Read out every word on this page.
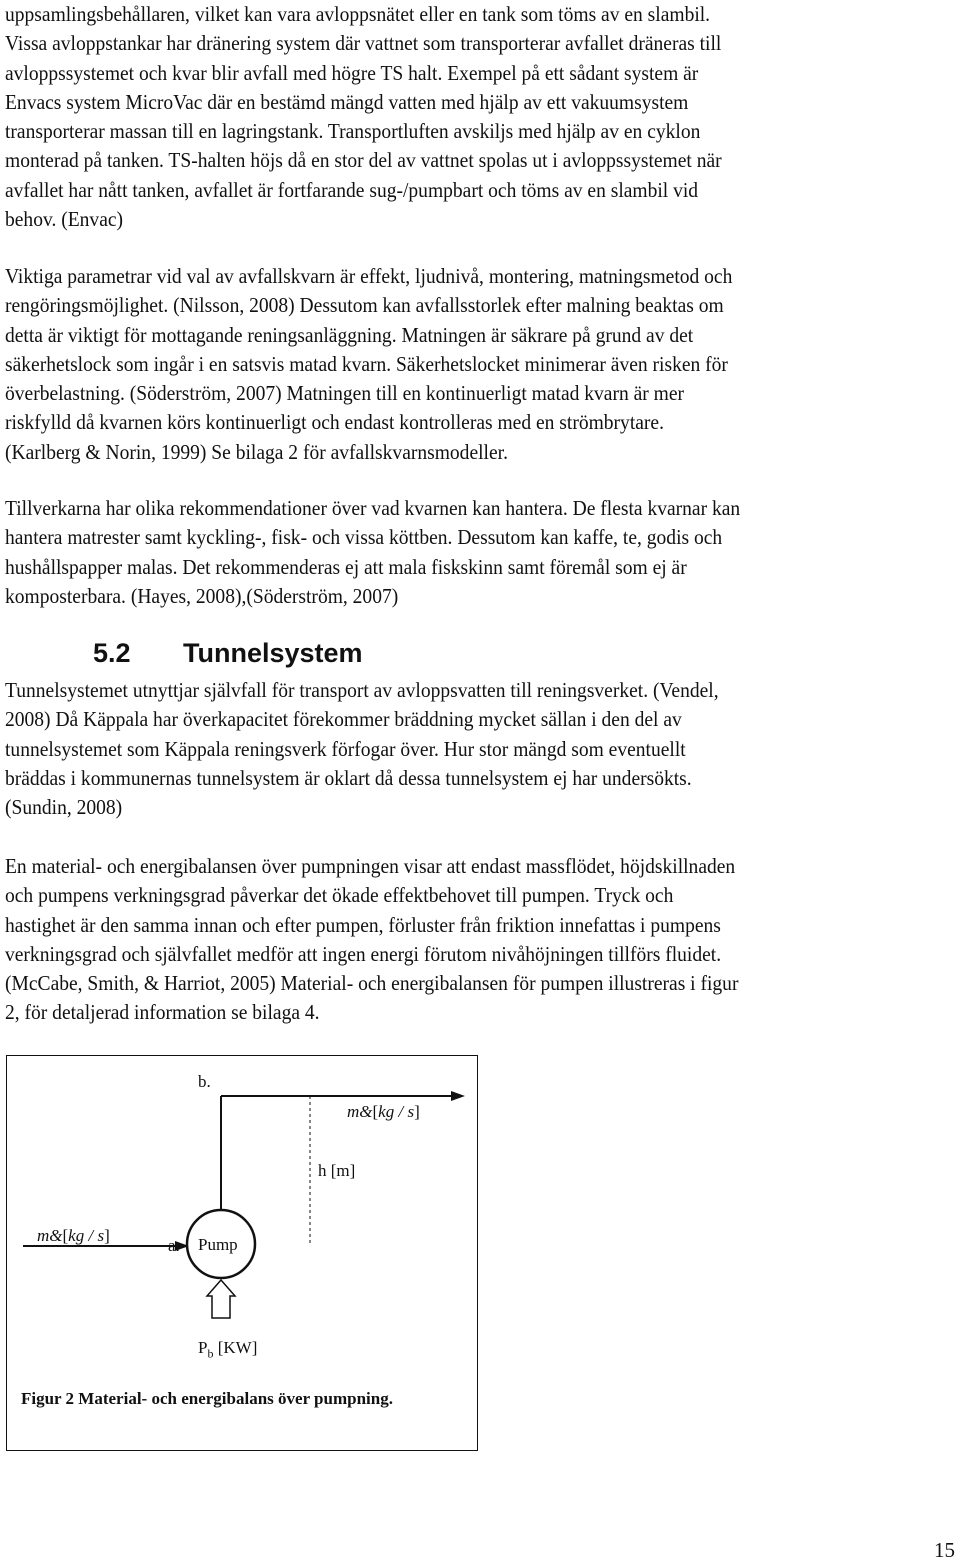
uppsamlingsbehållaren, vilket kan vara avloppsnätet eller en tank som töms av en slambil.
Vissa avloppstankar har dränering system där vattnet som transporterar avfallet dräneras till
avloppssystemet och kvar blir avfall med högre TS halt. Exempel på ett sådant system är
Envacs system MicroVac där en bestämd mängd vatten med hjälp av ett vakuumsystem
transporterar massan till en lagringstank. Transportluften avskiljs med hjälp av en cyklon
monterad på tanken. TS-halten höjs då en stor del av vattnet spolas ut i avloppssystemet när
avfallet har nått tanken, avfallet är fortfarande sug-/pumpbart och töms av en slambil vid
behov. (Envac)
Viktiga parametrar vid val av avfallskvarn är effekt, ljudnivå, montering, matningsmetod och
rengöringsmöjlighet. (Nilsson, 2008) Dessutom kan avfallsstorlek efter malning beaktas om
detta är viktigt för mottagande reningsanläggning. Matningen är säkrare på grund av det
säkerhetslock som ingår i en satsvis matad kvarn. Säkerhetslocket minimerar även risken för
överbelastning. (Söderström, 2007) Matningen till en kontinuerligt matad kvarn är mer
riskfylld då kvarnen körs kontinuerligt och endast kontrolleras med en strömbrytare.
(Karlberg & Norin, 1999) Se bilaga 2 för avfallskvarnsmodeller.
Tillverkarna har olika rekommendationer över vad kvarnen kan hantera. De flesta kvarnar kan
hantera matrester samt kyckling-, fisk- och vissa köttben. Dessutom kan kaffe, te, godis och
hushållspapper malas. Det rekommenderas ej att mala fiskskinn samt föremål som ej är
komposterbara. (Hayes, 2008),(Söderström, 2007)
5.2 Tunnelsystem
Tunnelsystemet utnyttjar självfall för transport av avloppsvatten till reningsverket. (Vendel,
2008) Då Käppala har överkapacitet förekommer bräddning mycket sällan i den del av
tunnelsystemet som Käppala reningsverk förfogar över. Hur stor mängd som eventuellt
bräddas i kommunernas tunnelsystem är oklart då dessa tunnelsystem ej har undersökts.
(Sundin, 2008)
En material- och energibalansen över pumpningen visar att endast massflödet, höjdskillnaden
och pumpens verkningsgrad påverkar det ökade effektbehovet till pumpen. Tryck och
hastighet är den samma innan och efter pumpen, förluster från friktion innefattas i pumpens
verkningsgrad och självfallet medför att ingen energi förutom nivåhöjningen tillförs fluidet.
(McCabe, Smith, & Harriot, 2005) Material- och energibalansen för pumpen illustreras i figur
2, för detaljerad information se bilaga 4.
b.
m&[kg / s]
h [m]
m&[kg / s]
a. Pump
$P_b$ [KW]

Figur 2 Material- och energibalans över pumpning.

15
